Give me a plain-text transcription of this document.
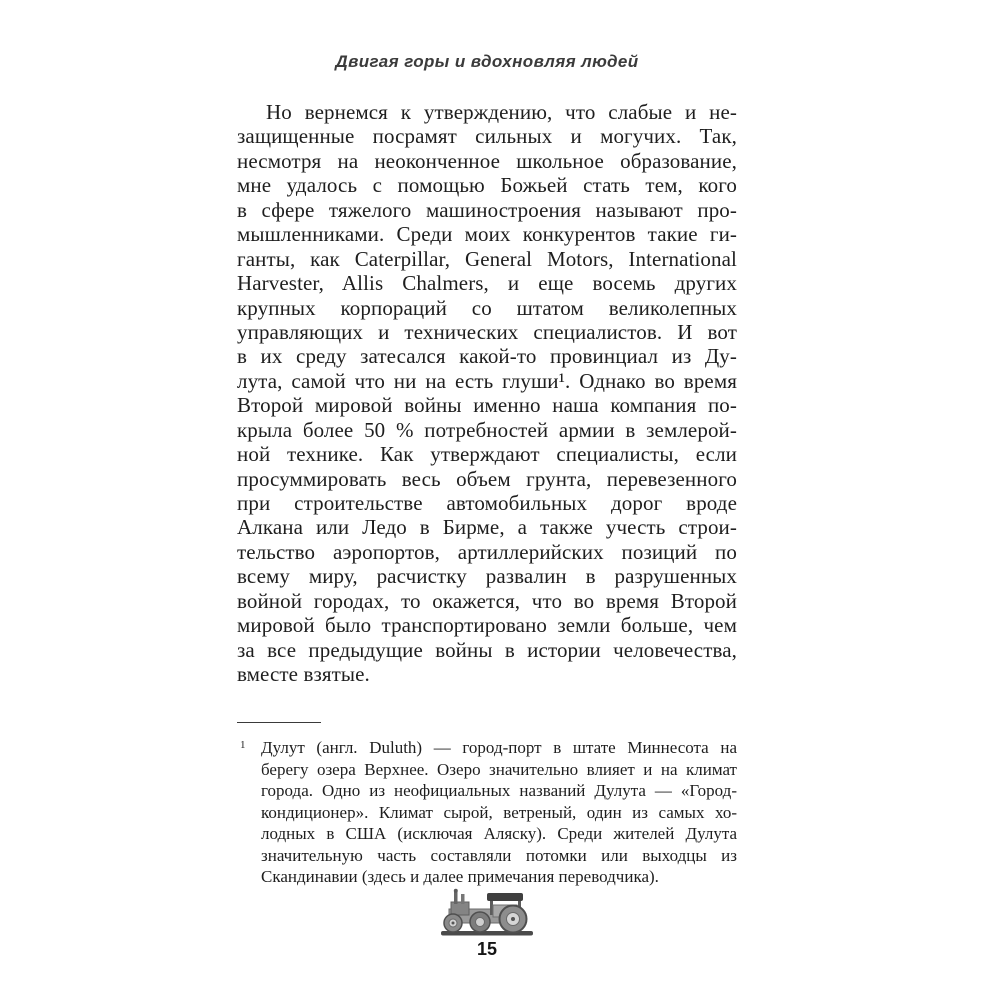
Двигая горы и вдохновляя людей
Но вернемся к утверждению, что слабые и не-
защищенные посрамят сильных и могучих. Так,
несмотря на неоконченное школьное образование,
мне удалось с помощью Божьей стать тем, кого
в сфере тяжелого машиностроения называют про-
мышленниками. Среди моих конкурентов такие ги-
ганты, как Caterpillar, General Motors, International
Harvester, Allis Chalmers, и еще восемь других
крупных корпораций со штатом великолепных
управляющих и технических специалистов. И вот
в их среду затесался какой-то провинциал из Ду-
лута, самой что ни на есть глуши¹. Однако во время
Второй мировой войны именно наша компания по-
крыла более 50 % потребностей армии в землерой-
ной технике. Как утверждают специалисты, если
просуммировать весь объем грунта, перевезенного
при строительстве автомобильных дорог вроде
Алкана или Ледо в Бирме, а также учесть строи-
тельство аэропортов, артиллерийских позиций по
всему миру, расчистку развалин в разрушенных
войной городах, то окажется, что во время Второй
мировой было транспортировано земли больше, чем
за все предыдущие войны в истории человечества,
вместе взятые.
1 Дулут (англ. Duluth) — город-порт в штате Миннесота на
берегу озера Верхнее. Озеро значительно влияет и на климат
города. Одно из неофициальных названий Дулута — «Город-
кондиционер». Климат сырой, ветреный, один из самых хо-
лодных в США (исключая Аляску). Среди жителей Дулута
значительную часть составляли потомки или выходцы из
Скандинавии (здесь и далее примечания переводчика).
15
